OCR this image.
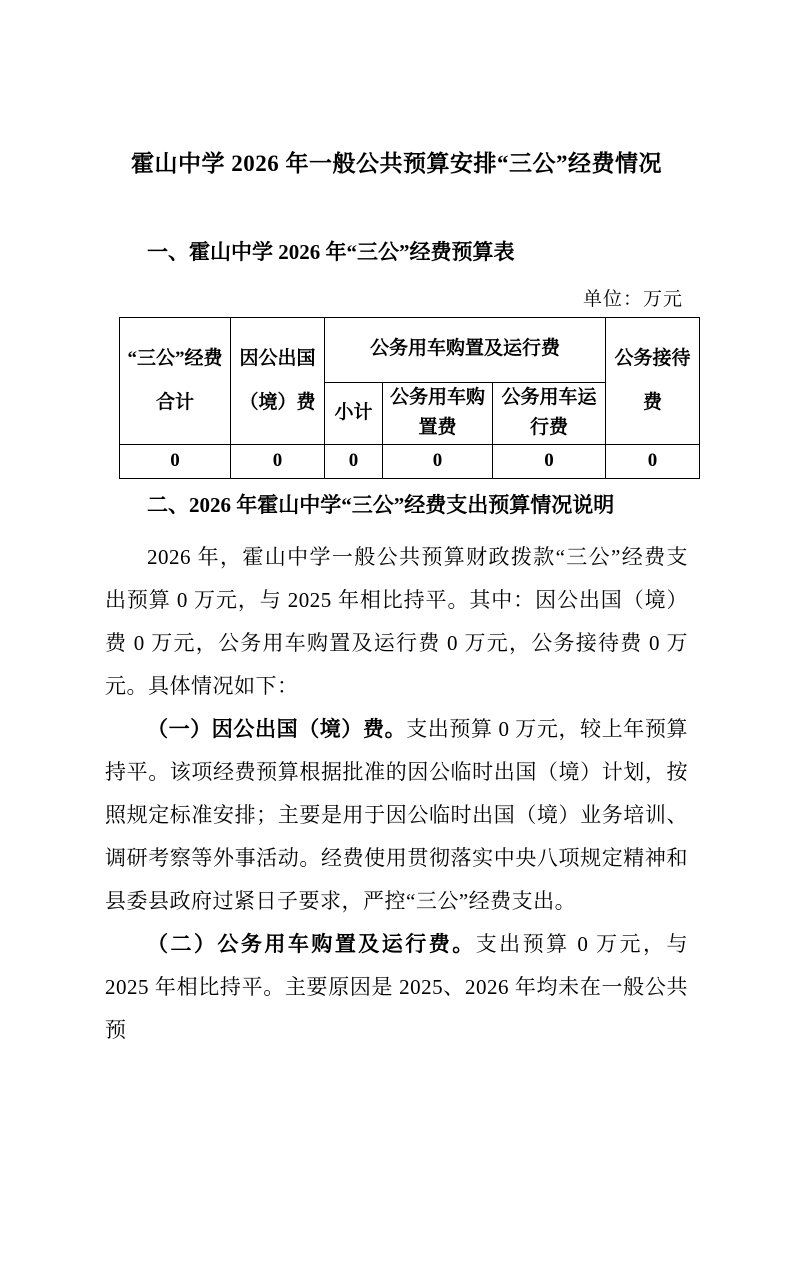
霍山中学 2026 年一般公共预算安排“三公”经费情况
一、霍山中学 2026 年“三公”经费预算表
单位：万元
“三公”经费合计	因公出国（境）费	公务用车购置及运行费			公务接待费
		小计	公务用车购置费	公务用车运行费	
0	0	0	0	0	0
二、2026 年霍山中学“三公”经费支出预算情况说明

2026 年，霍山中学一般公共预算财政拨款“三公”经费支出预算 0 万元，与 2025 年相比持平。其中：因公出国（境）费 0 万元，公务用车购置及运行费 0 万元，公务接待费 0 万元。具体情况如下：

（一）因公出国（境）费。支出预算 0 万元，较上年预算持平。该项经费预算根据批准的因公临时出国（境）计划，按照规定标准安排；主要是用于因公临时出国（境）业务培训、调研考察等外事活动。经费使用贯彻落实中央八项规定精神和县委县政府过紧日子要求，严控“三公”经费支出。

（二）公务用车购置及运行费。支出预算 0 万元，与 2025 年相比持平。主要原因是 2025、2026 年均未在一般公共预
